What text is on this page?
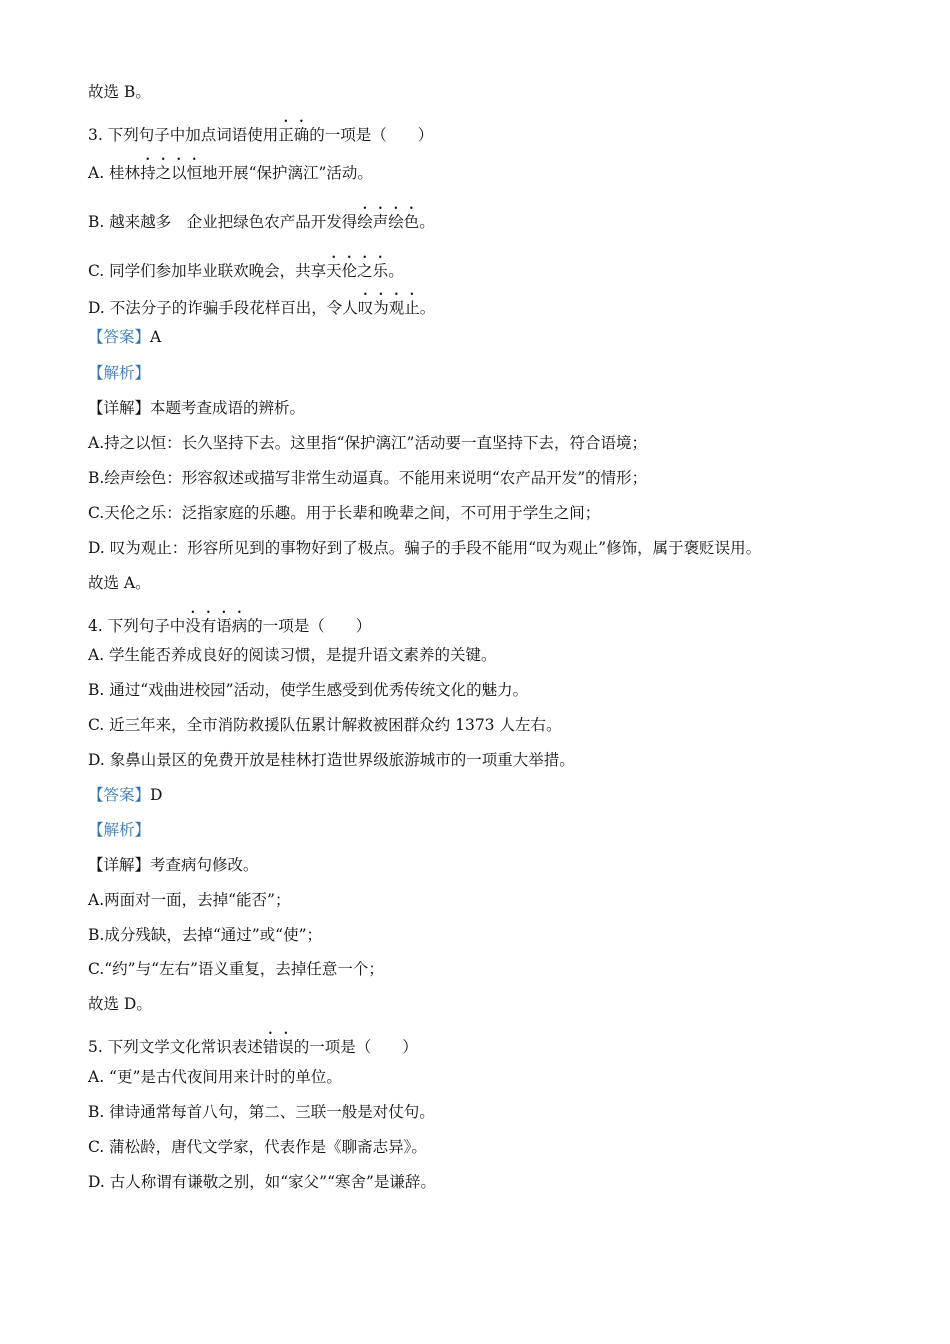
故选 B。
3. 下列句子中加点词语使用正确的一项是（　　）
A. 桂林持之以恒地开展“保护漓江”活动。
B. 越来越多　企业把绿色农产品开发得绘声绘色。
C. 同学们参加毕业联欢晚会，共享天伦之乐。
D. 不法分子的诈骗手段花样百出，令人叹为观止。
【答案】A
【解析】
【详解】本题考查成语的辨析。
A.持之以恒：长久坚持下去。这里指“保护漓江”活动要一直坚持下去，符合语境；
B.绘声绘色：形容叙述或描写非常生动逼真。不能用来说明“农产品开发”的情形；
C.天伦之乐：泛指家庭的乐趣。用于长辈和晚辈之间，不可用于学生之间；
D. 叹为观止：形容所见到的事物好到了极点。骗子的手段不能用“叹为观止”修饰，属于褒贬误用。
故选 A。
4. 下列句子中没有语病的一项是（　　）
A. 学生能否养成良好的阅读习惯，是提升语文素养的关键。
B. 通过“戏曲进校园”活动，使学生感受到优秀传统文化的魅力。
C. 近三年来，全市消防救援队伍累计解救被困群众约 1373 人左右。
D. 象鼻山景区的免费开放是桂林打造世界级旅游城市的一项重大举措。
【答案】D
【解析】
【详解】考查病句修改。
A.两面对一面，去掉“能否”；
B.成分残缺，去掉“通过”或“使”；
C.“约”与“左右”语义重复，去掉任意一个；
故选 D。
5. 下列文学文化常识表述错误的一项是（　　）
A. “更”是古代夜间用来计时的单位。
B. 律诗通常每首八句，第二、三联一般是对仗句。
C. 蒲松龄，唐代文学家，代表作是《聊斋志异》。
D. 古人称谓有谦敬之别，如“家父”“寒舍”是谦辞。
